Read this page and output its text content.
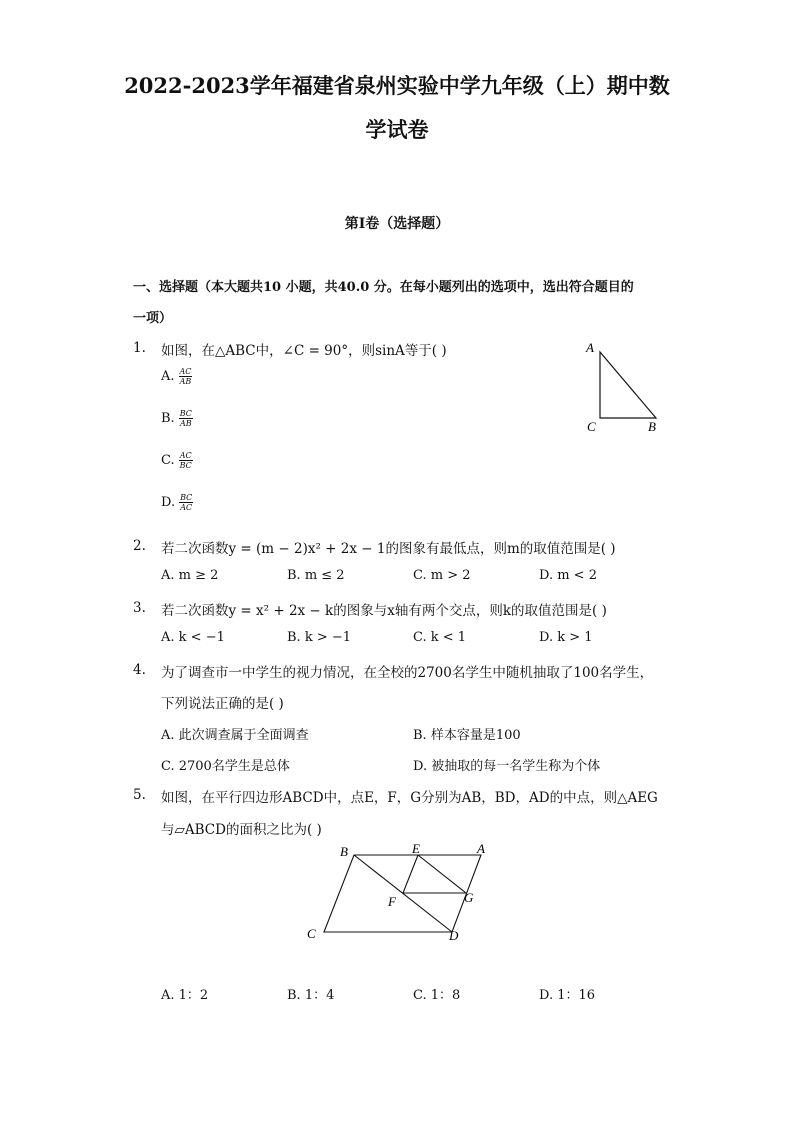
2022-2023学年福建省泉州实验中学九年级（上）期中数
学试卷
第I卷（选择题）
一、选择题（本大题共10 小题，共40.0 分。在每小题列出的选项中，选出符合题目的
一项）
1. 如图，在△ABC中，∠C = 90°，则sinA等于( )
A. $\frac{AC}{AB}$
B. $\frac{BC}{AB}$
C. $\frac{AC}{BC}$
D. $\frac{BC}{AC}$
A
C	B
2. 若二次函数y = (m − 2)x² + 2x − 1的图象有最低点，则m的取值范围是( )
A. m ≥ 2	B. m ≤ 2	C. m > 2	D. m < 2
3. 若二次函数y = x² + 2x − k的图象与x轴有两个交点，则k的取值范围是( )
A. k < −1	B. k > −1	C. k < 1	D. k > 1
4. 为了调查市一中学生的视力情况，在全校的2700名学生中随机抽取了100名学生，
下列说法正确的是( )
A. 此次调查属于全面调查	B. 样本容量是100
C. 2700名学生是总体	D. 被抽取的每一名学生称为个体
5. 如图，在平行四边形ABCD中，点E，F，G分别为AB，BD，AD的中点，则△AEG
与▱ABCD的面积之比为( )
B	E	A
F	G
C	D
A. 1：2	B. 1：4	C. 1：8	D. 1：16
